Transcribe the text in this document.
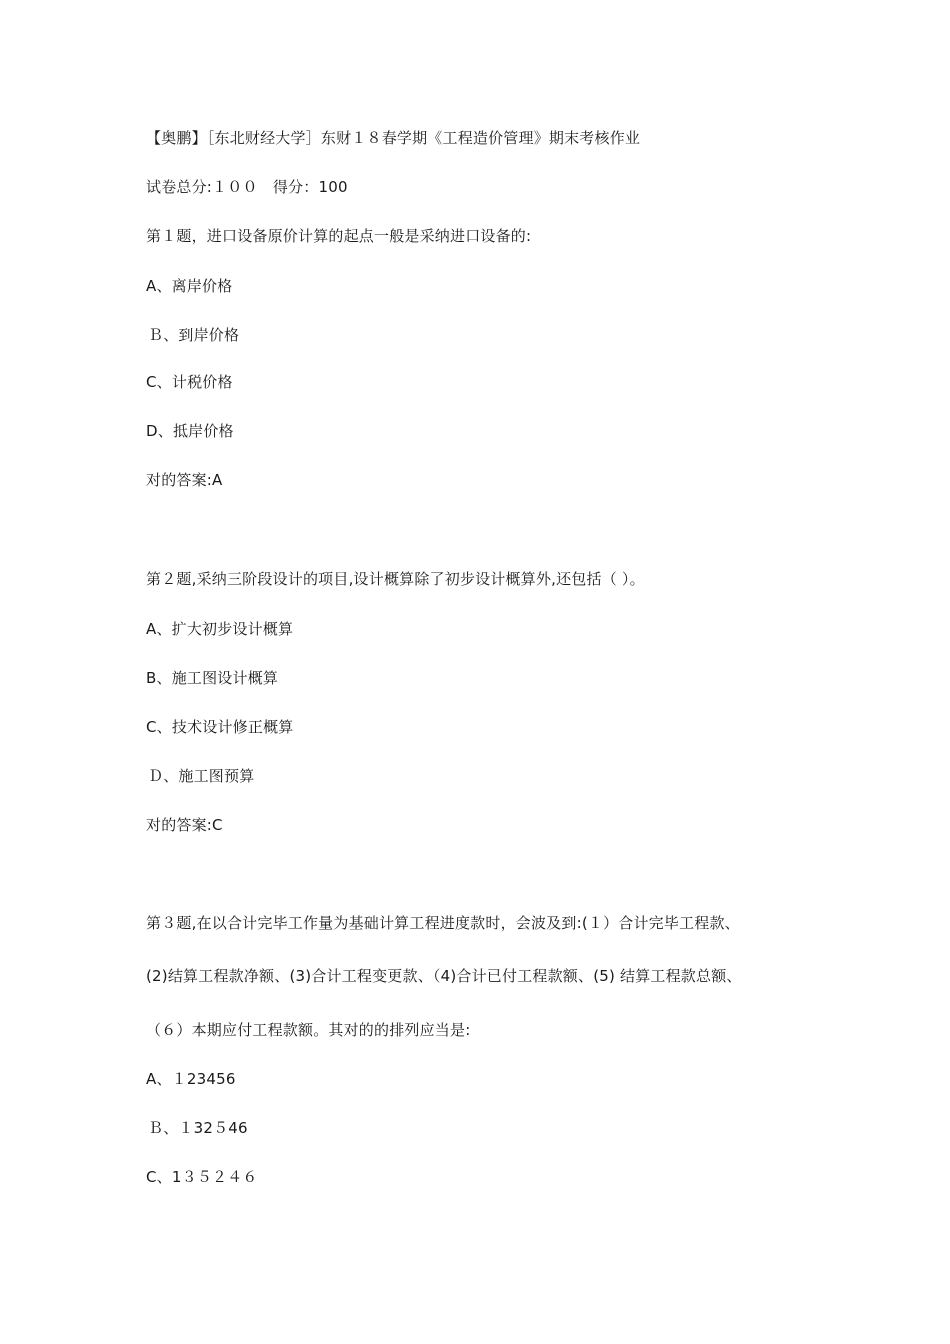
【奥鹏】［东北财经大学］东财１８春学期《工程造价管理》期末考核作业
试卷总分:１００　得分：100
第１题，进口设备原价计算的起点一般是采纳进口设备的:
A、离岸价格
Ｂ、到岸价格
C、计税价格
D、抵岸价格
对的答案:A
第２题,采纳三阶段设计的项目,设计概算除了初步设计概算外,还包括（ ）。
A、扩大初步设计概算
B、施工图设计概算
C、技术设计修正概算
Ｄ、施工图预算
对的答案:C
第３题,在以合计完毕工作量为基础计算工程进度款时，会波及到:(１）合计完毕工程款、
(2)结算工程款净额、(3)合计工程变更款、（4)合计已付工程款额、(5) 结算工程款总额、
（６）本期应付工程款额。其对的的排列应当是:
A、１23456
Ｂ、１32５46
C、1３５２４６
